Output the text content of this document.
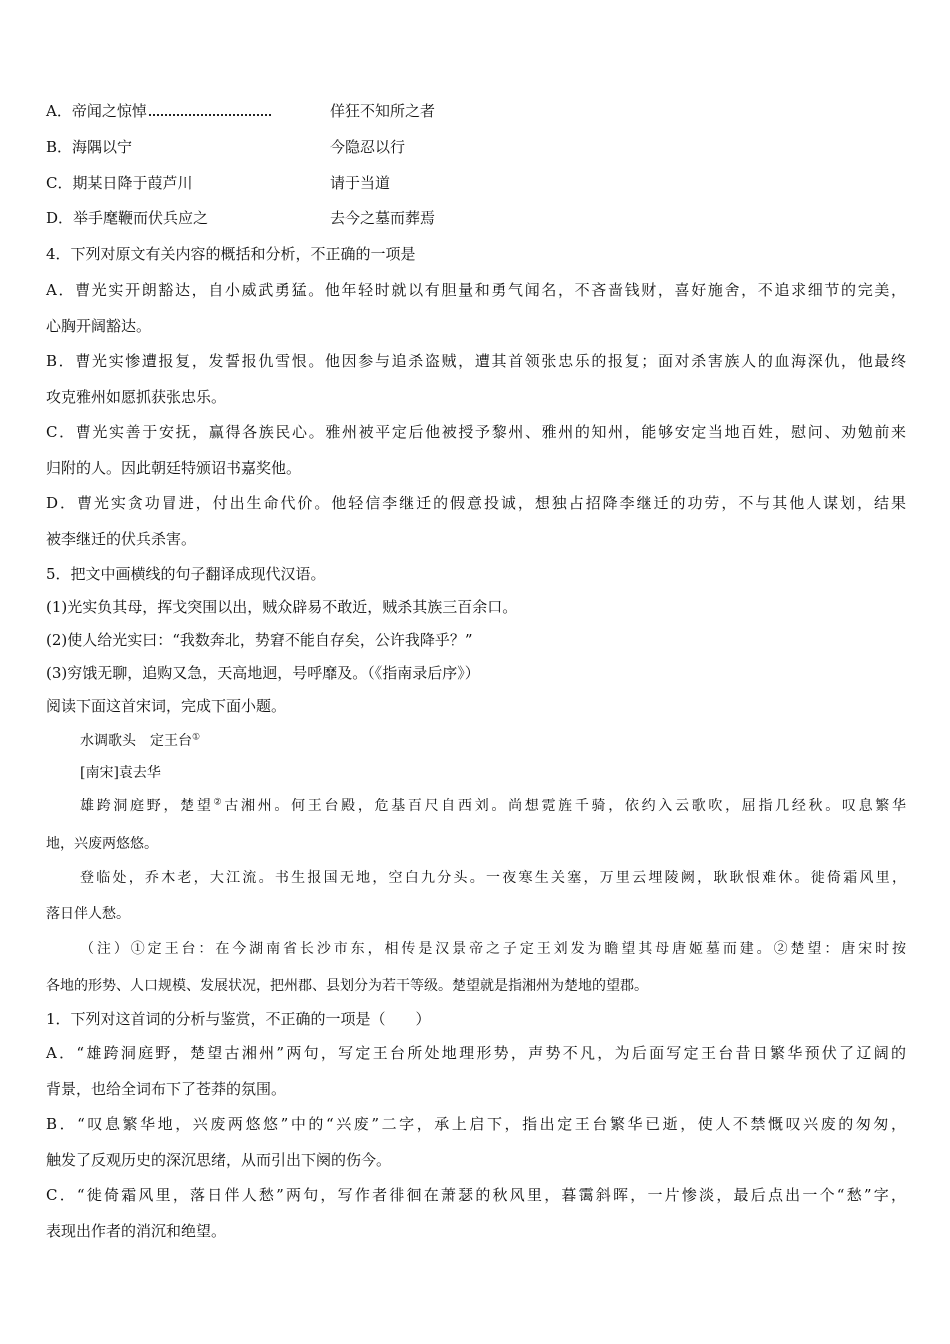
A．帝闻之惊悼	佯狂不知所之者
B．海隅以宁	今隐忍以行
C．期某日降于葭芦川	请于当道
D．举手麾鞭而伏兵应之	去今之墓而葬焉
4．下列对原文有关内容的概括和分析，不正确的一项是
A．曹光实开朗豁达，自小威武勇猛。他年轻时就以有胆量和勇气闻名，不吝啬钱财，喜好施舍，不追求细节的完美，
心胸开阔豁达。
B．曹光实惨遭报复，发誓报仇雪恨。他因参与追杀盗贼，遭其首领张忠乐的报复；面对杀害族人的血海深仇，他最终
攻克雅州如愿抓获张忠乐。
C．曹光实善于安抚，赢得各族民心。雅州被平定后他被授予黎州、雅州的知州，能够安定当地百姓，慰问、劝勉前来
归附的人。因此朝廷特颁诏书嘉奖他。
D．曹光实贪功冒进，付出生命代价。他轻信李继迁的假意投诚，想独占招降李继迁的功劳，不与其他人谋划，结果
被李继迁的伏兵杀害。
5．把文中画横线的句子翻译成现代汉语。
(1)光实负其母，挥戈突围以出，贼众辟易不敢近，贼杀其族三百余口。
(2)使人给光实曰：“我数奔北，势窘不能自存矣，公许我降乎？”
(3)穷饿无聊，追购又急，天高地迥，号呼靡及。（《指南录后序》）
阅读下面这首宋词，完成下面小题。
水调歌头　定王台①
[南宋]袁去华
雄跨洞庭野，楚望②古湘州。何王台殿，危基百尺自西刘。尚想霓旌千骑，依约入云歌吹，屈指几经秋。叹息繁华
地，兴废两悠悠。
登临处，乔木老，大江流。书生报国无地，空白九分头。一夜寒生关塞，万里云埋陵阙，耿耿恨难休。徙倚霜风里，
落日伴人愁。
（注）①定王台：在今湖南省长沙市东，相传是汉景帝之子定王刘发为瞻望其母唐姬墓而建。②楚望：唐宋时按
各地的形势、人口规模、发展状况，把州郡、县划分为若干等级。楚望就是指湘州为楚地的望郡。
1．下列对这首词的分析与鉴赏，不正确的一项是（　　）
A．“雄跨洞庭野，楚望古湘州”两句，写定王台所处地理形势，声势不凡，为后面写定王台昔日繁华预伏了辽阔的
背景，也给全词布下了苍莽的氛围。
B．“叹息繁华地，兴废两悠悠”中的“兴废”二字，承上启下，指出定王台繁华已逝，使人不禁慨叹兴废的匆匆，
触发了反观历史的深沉思绪，从而引出下阕的伤今。
C．“徙倚霜风里，落日伴人愁”两句，写作者徘徊在萧瑟的秋风里，暮霭斜晖，一片惨淡，最后点出一个“愁”字，
表现出作者的消沉和绝望。
